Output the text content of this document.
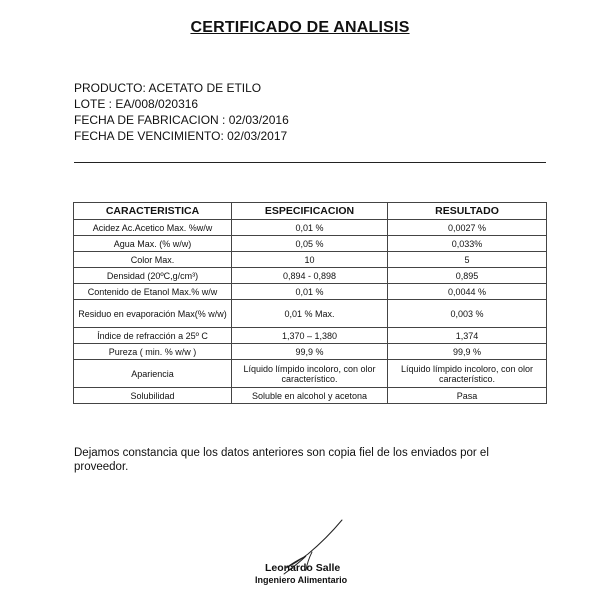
CERTIFICADO DE ANALISIS
PRODUCTO: ACETATO DE ETILO
LOTE : EA/008/020316
FECHA DE FABRICACION : 02/03/2016
FECHA DE VENCIMIENTO: 02/03/2017
CARACTERISTICA	ESPECIFICACION	RESULTADO
Acidez Ac.Acetico Max. %w/w	0,01 %	0,0027 %
Agua Max. (% w/w)	0,05 %	0,033%
Color Max.	10	5
Densidad (20ºC,g/cm³)	0,894 - 0,898	0,895
Contenido de Etanol Max.% w/w	0,01 %	0,0044 %
Residuo en evaporación Max(% w/w)	0,01 % Max.	0,003 %
Índice de refracción a 25º C	1,370 – 1,380	1,374
Pureza ( min. % w/w )	99,9 %	99,9 %
Apariencia	Líquido límpido incoloro, con olor característico.	Líquido límpido incoloro, con olor característico.
Solubilidad	Soluble en alcohol y acetona	Pasa
Dejamos constancia que los datos anteriores son copia fiel de los enviados por el proveedor.
Leonardo Salle
Ingeniero Alimentario
